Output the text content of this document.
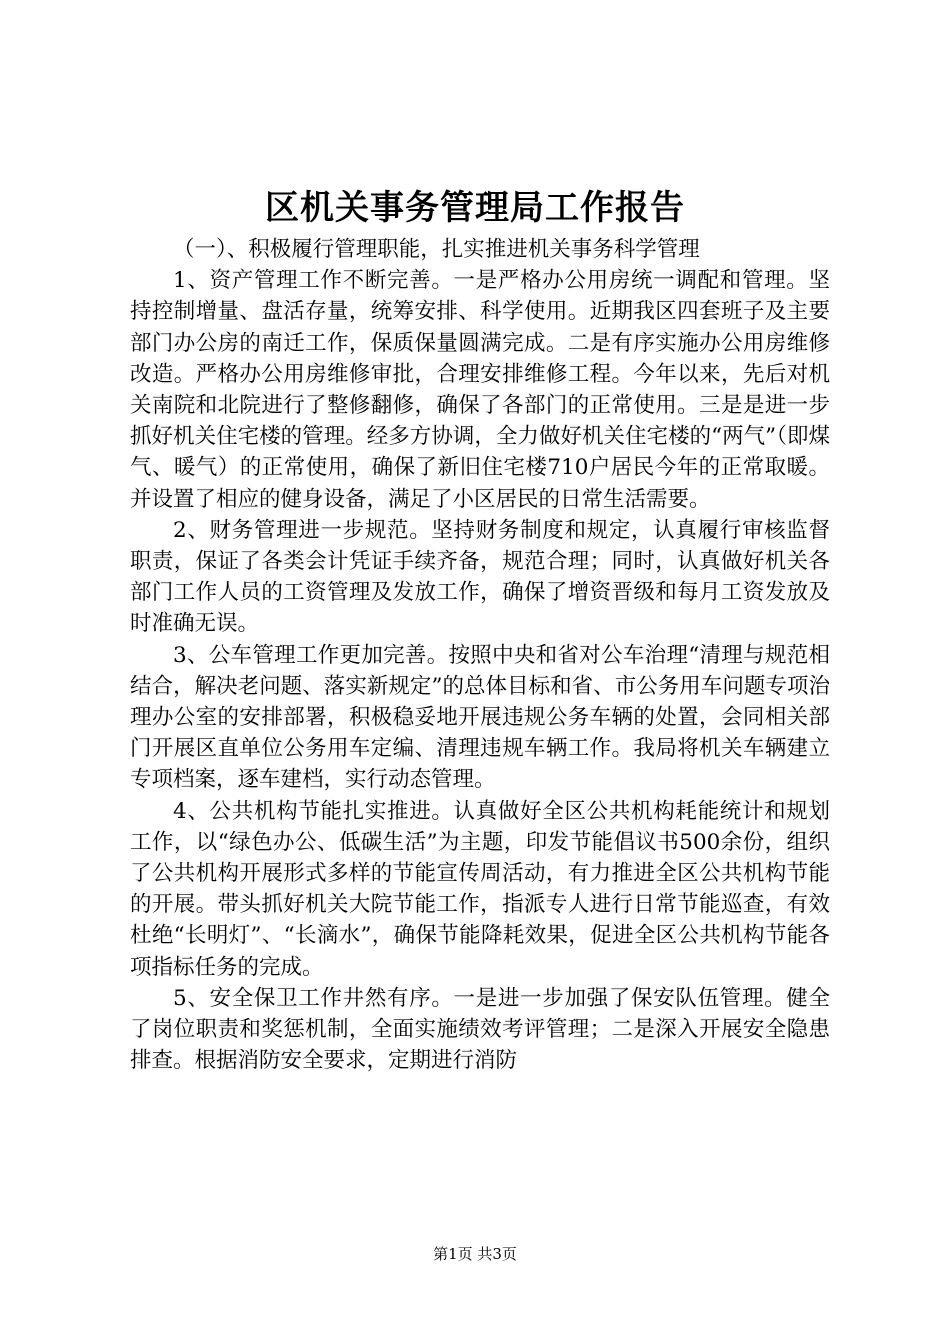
区机关事务管理局工作报告

（一）、积极履行管理职能，扎实推进机关事务科学管理

1、资产管理工作不断完善。一是严格办公用房统一调配和管理。坚持控制增量、盘活存量，统筹安排、科学使用。近期我区四套班子及主要部门办公房的南迁工作，保质保量圆满完成。二是有序实施办公用房维修改造。严格办公用房维修审批，合理安排维修工程。今年以来，先后对机关南院和北院进行了整修翻修，确保了各部门的正常使用。三是是进一步抓好机关住宅楼的管理。经多方协调，全力做好机关住宅楼的“两气”（即煤气、暖气）的正常使用，确保了新旧住宅楼710户居民今年的正常取暖。并设置了相应的健身设备，满足了小区居民的日常生活需要。

2、财务管理进一步规范。坚持财务制度和规定，认真履行审核监督职责，保证了各类会计凭证手续齐备，规范合理；同时，认真做好机关各部门工作人员的工资管理及发放工作，确保了增资晋级和每月工资发放及时准确无误。

3、公车管理工作更加完善。按照中央和省对公车治理“清理与规范相结合，解决老问题、落实新规定”的总体目标和省、市公务用车问题专项治理办公室的安排部署，积极稳妥地开展违规公务车辆的处置，会同相关部门开展区直单位公务用车定编、清理违规车辆工作。我局将机关车辆建立专项档案，逐车建档，实行动态管理。

4、公共机构节能扎实推进。认真做好全区公共机构耗能统计和规划工作，以“绿色办公、低碳生活”为主题，印发节能倡议书500余份，组织了公共机构开展形式多样的节能宣传周活动，有力推进全区公共机构节能的开展。带头抓好机关大院节能工作，指派专人进行日常节能巡查，有效杜绝“长明灯”、“长滴水”，确保节能降耗效果，促进全区公共机构节能各项指标任务的完成。

5、安全保卫工作井然有序。一是进一步加强了保安队伍管理。健全了岗位职责和奖惩机制，全面实施绩效考评管理；二是深入开展安全隐患排查。根据消防安全要求，定期进行消防

第1页 共3页
